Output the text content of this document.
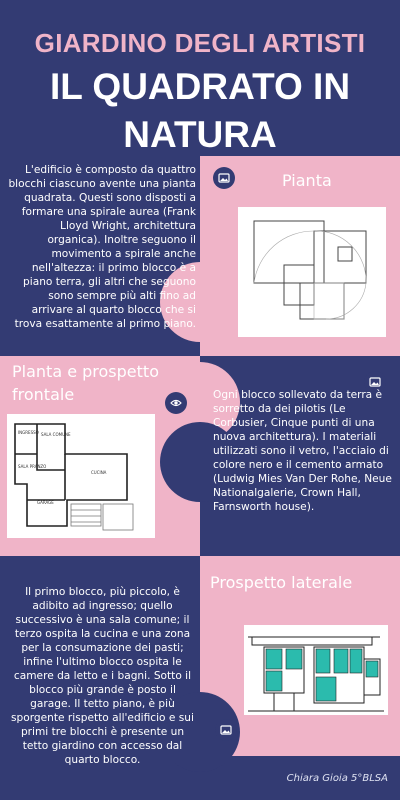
GIARDINO DEGLI ARTISTI
IL QUADRATO IN
NATURA
L'edificio è composto da quattro blocchi ciascuno avente una pianta quadrata. Questi sono disposti a formare una spirale aurea (Frank Lloyd Wright, architettura organica). Inoltre seguono il movimento a spirale anche nell'altezza: il primo blocco è a piano terra, gli altri che seguono sono sempre più alti fino ad arrivare al quarto blocco che si trova esattamente al primo piano.
Pianta
Planta e prospetto frontale
INGRESSO
CUCINA
SALA COMUNE
SALA PRANZO
GARAGE
Ogni blocco sollevato da terra è sorretto da dei pilotis (Le Corbusier, Cinque punti di una nuova architettura). I materiali utilizzati sono il vetro, l'acciaio di colore nero e il cemento armato (Ludwig Mies Van Der Rohe, Neue Nationalgalerie, Crown Hall, Farnsworth house).
Prospetto laterale
Il primo blocco, più piccolo, è adibito ad ingresso; quello successivo è una sala comune; il terzo ospita la cucina e una zona per la consumazione dei pasti; infine l'ultimo blocco ospita le camere da letto e i bagni. Sotto il blocco più grande è posto il garage. Il tetto piano, è più sporgente rispetto all'edificio e sui primi tre blocchi è presente un tetto giardino con accesso dal quarto blocco.
Chiara Gioia 5°BLSA
